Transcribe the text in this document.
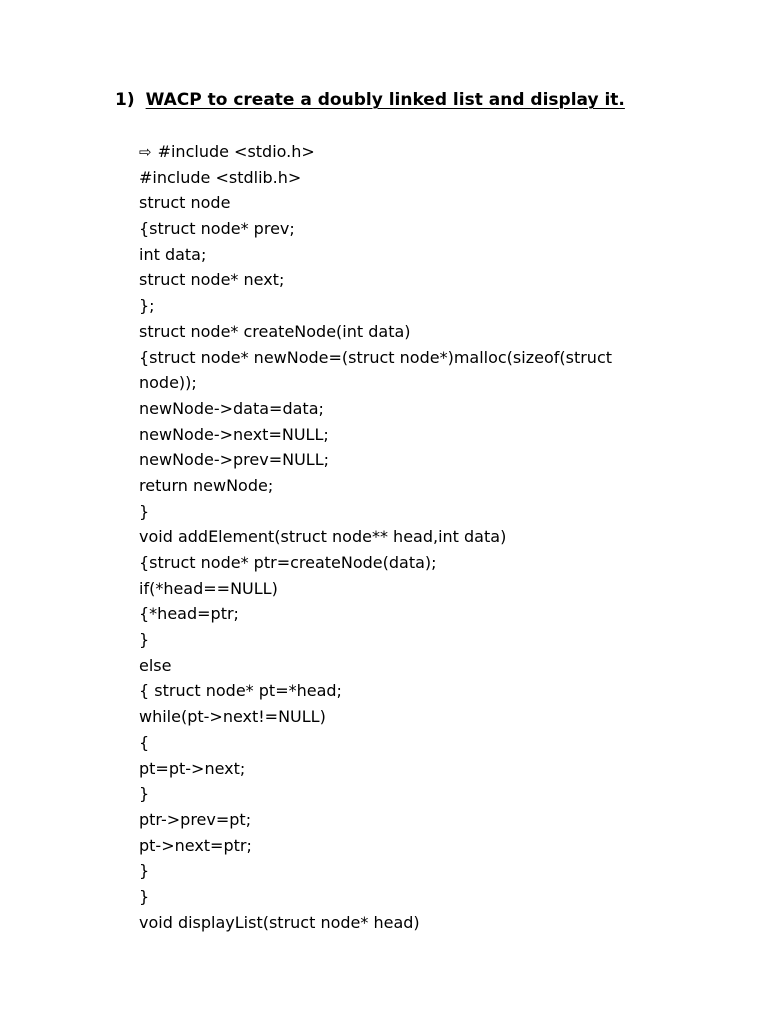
1) WACP to create a doubly linked list and display it.
⇨ #include <stdio.h>
#include <stdlib.h>
struct node
{struct node* prev;
int data;
struct node* next;
};
struct node* createNode(int data)
{struct node* newNode=(struct node*)malloc(sizeof(struct
node));
newNode->data=data;
newNode->next=NULL;
newNode->prev=NULL;
return newNode;
}
void addElement(struct node** head,int data)
{struct node* ptr=createNode(data);
if(*head==NULL)
{*head=ptr;
}
else
{ struct node* pt=*head;
while(pt->next!=NULL)
{
pt=pt->next;
}
ptr->prev=pt;
pt->next=ptr;
}
}
void displayList(struct node* head)
